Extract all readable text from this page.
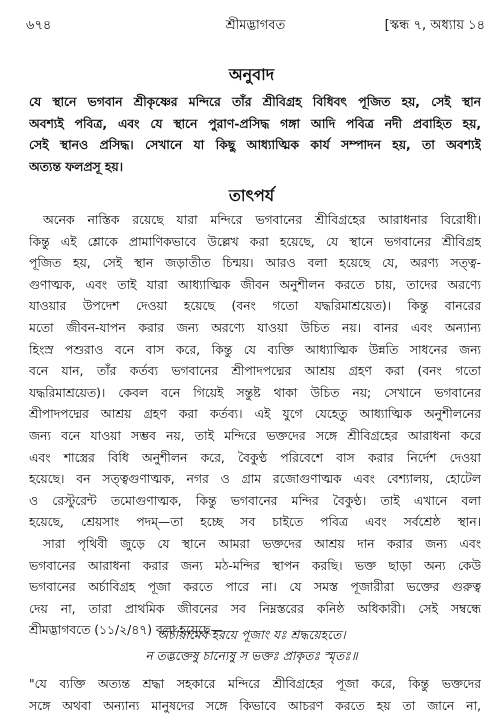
৬৭৪	শ্রীমদ্ভাগবত	[স্কন্ধ ৭, অধ্যায় ১৪
অনুবাদ
যে স্থানে ভগবান শ্রীকৃষ্ণের মন্দিরে তাঁর শ্রীবিগ্রহ বিধিবৎ পূজিত হয়, সেই স্থান
অবশ্যই পবিত্র, এবং যে স্থানে পুরাণ-প্রসিদ্ধ গঙ্গা আদি পবিত্র নদী প্রবাহিত হয়,
সেই স্থানও প্রসিদ্ধ। সেখানে যা কিছু আধ্যাত্মিক কার্য সম্পাদন হয়, তা অবশ্যই
অত্যন্ত ফলপ্রসূ হয়।
তাৎপর্য
অনেক নাস্তিক রয়েছে যারা মন্দিরে ভগবানের শ্রীবিগ্রহের আরাধনার বিরোধী।
কিন্তু এই শ্লোকে প্রামাণিকভাবে উল্লেখ করা হয়েছে, যে স্থানে ভগবানের শ্রীবিগ্রহ
পূজিত হয়, সেই স্থান জড়াতীত চিন্ময়। আরও বলা হয়েছে যে, অরণ্য সত্ত্ব-
গুণাত্মক, এবং তাই যারা আধ্যাত্মিক জীবন অনুশীলন করতে চায়, তাদের অরণ্যে
যাওয়ার উপদেশ দেওয়া হয়েছে (বনং গতো যদ্ধরিমাশ্রয়েত)। কিন্তু বানরের
মতো জীবন-যাপন করার জন্য অরণ্যে যাওয়া উচিত নয়। বানর এবং অন্যান্য
হিংস্র পশুরাও বনে বাস করে, কিন্তু যে ব্যক্তি আধ্যাত্মিক উন্নতি সাধনের জন্য
বনে যান, তাঁর কর্তব্য ভগবানের শ্রীপাদপদ্মের আশ্রয় গ্রহণ করা (বনং গতো
যদ্ধরিমাশ্রয়েত)। কেবল বনে গিয়েই সন্তুষ্ট থাকা উচিত নয়; সেখানে ভগবানের
শ্রীপাদপদ্মের আশ্রয় গ্রহণ করা কর্তব্য। এই যুগে যেহেতু আধ্যাত্মিক অনুশীলনের
জন্য বনে যাওয়া সম্ভব নয়, তাই মন্দিরে ভক্তদের সঙ্গে শ্রীবিগ্রহের আরাধনা করে
এবং শাস্ত্রের বিধি অনুশীলন করে, বৈকুণ্ঠ পরিবেশে বাস করার নির্দেশ দেওয়া
হয়েছে। বন সত্ত্বগুণাত্মক, নগর ও গ্রাম রজোগুণাত্মক এবং বেশ্যালয়, হোটেল
ও রেস্টুরেন্ট তমোগুণাত্মক, কিন্তু ভগবানের মন্দির বৈকুণ্ঠ। তাই এখানে বলা
হয়েছে, শ্রেয়সাং পদম্—তা হচ্ছে সব চাইতে পবিত্র এবং সর্বশ্রেষ্ঠ স্থান।
সারা পৃথিবী জুড়ে যে স্থানে আমরা ভক্তদের আশ্রয় দান করার জন্য এবং
ভগবানের আরাধনা করার জন্য মঠ-মন্দির স্থাপন করছি। ভক্ত ছাড়া অন্য কেউ
ভগবানের অর্চাবিগ্রহ পূজা করতে পারে না। যে সমস্ত পূজারীরা ভক্তের গুরুত্ব
দেয় না, তারা প্রাথমিক জীবনের সব নিম্নস্তরের কনিষ্ঠ অধিকারী। সেই সম্বন্ধে
শ্রীমদ্ভাগবতে (১১/২/৪৭) বলা হয়েছে—
অর্চায়ামেব হরয়ে পূজাং যঃ শ্রদ্ধয়েহতে।
ন তদ্ভক্তেষু চান্যেষু স ভক্তঃ প্রাকৃতঃ স্মৃতঃ॥
"যে ব্যক্তি অত্যন্ত শ্রদ্ধা সহকারে মন্দিরে শ্রীবিগ্রহের পূজা করে, কিন্তু ভক্তদের
সঙ্গে অথবা অন্যান্য মানুষদের সঙ্গে কিভাবে আচরণ করতে হয় তা জানে না,
